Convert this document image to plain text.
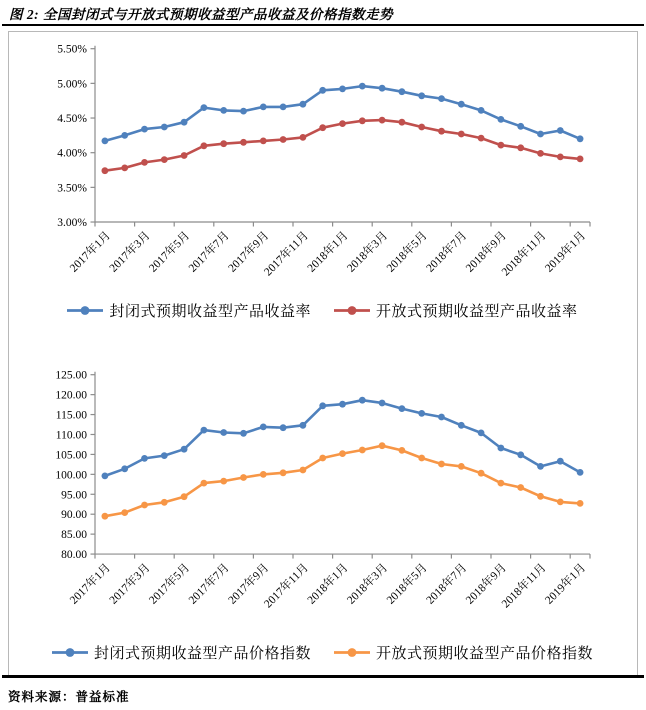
图 2: 全国封闭式与开放式预期收益型产品收益及价格指数走势
3.00%
3.50%
4.00%
4.50%
5.00%
5.50%
2017年1月
2017年3月
2017年5月
2017年7月
2017年9月
2017年11月
2018年1月
2018年3月
2018年5月
2018年7月
2018年9月
2018年11月
2019年1月
封闭式预期收益型产品收益率	开放式预期收益型产品收益率
80.00
85.00
90.00
95.00
100.00
105.00
110.00
115.00
120.00
125.00
2017年1月
2017年3月
2017年5月
2017年7月
2017年9月
2017年11月
2018年1月
2018年3月
2018年5月
2018年7月
2018年9月
2018年11月
2019年1月
封闭式预期收益型产品价格指数	开放式预期收益型产品价格指数
资料来源：普益标准
